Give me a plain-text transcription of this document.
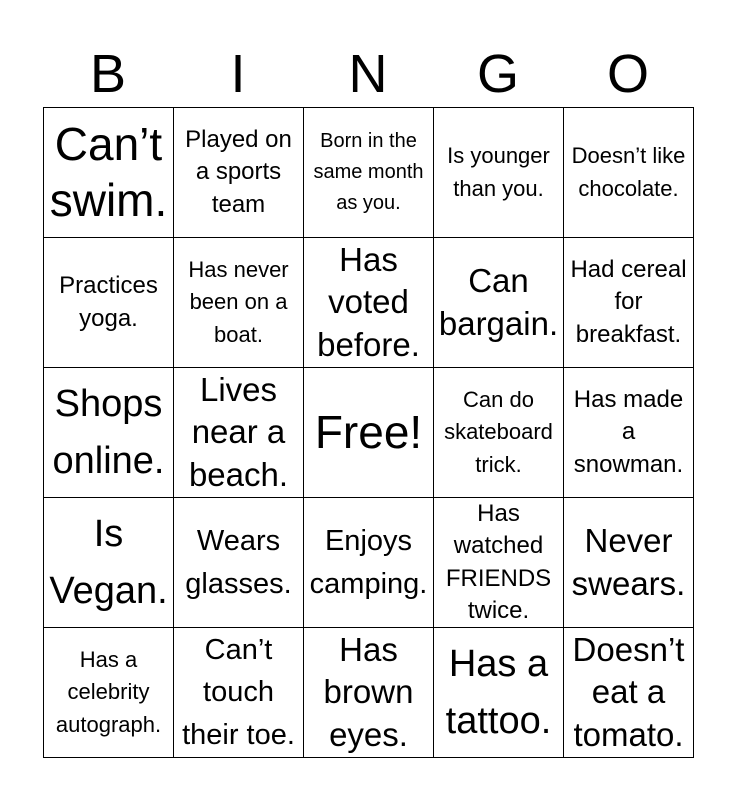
B	I	N	G	O
Can’t swim.
Played on a sports team
Born in the same month as you.
Is younger than you.
Doesn’t like chocolate.
Practices yoga.
Has never been on a boat.
Has voted before.
Can bargain.
Had cereal for breakfast.
Shops online.
Lives near a beach.
Free!
Can do skateboard trick.
Has made a snowman.
Is Vegan.
Wears glasses.
Enjoys camping.
Has watched FRIENDS twice.
Never swears.
Has a celebrity autograph.
Can’t touch their toe.
Has brown eyes.
Has a tattoo.
Doesn’t eat a tomato.
